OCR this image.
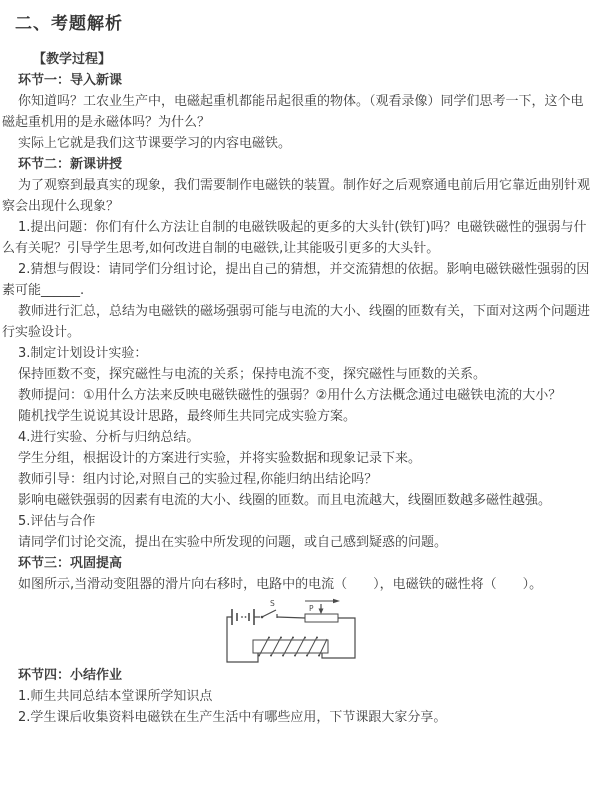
二、考题解析

【教学过程】

环节一：导入新课

你知道吗？工农业生产中，电磁起重机都能吊起很重的物体。（观看录像）同学们思考一下，这个电磁起重机用的是永磁体吗？为什么？

实际上它就是我们这节课要学习的内容电磁铁。

环节二：新课讲授

为了观察到最真实的现象，我们需要制作电磁铁的装置。制作好之后观察通电前后用它靠近曲别针观察会出现什么现象？

1.提出问题：你们有什么方法让自制的电磁铁吸起的更多的大头针(铁钉)吗？电磁铁磁性的强弱与什么有关呢？引导学生思考,如何改进自制的电磁铁,让其能吸引更多的大头针。

2.猜想与假设：请同学们分组讨论，提出自己的猜想，并交流猜想的依据。影响电磁铁磁性强弱的因素可能______.

教师进行汇总，总结为电磁铁的磁场强弱可能与电流的大小、线圈的匝数有关，下面对这两个问题进行实验设计。

3.制定计划设计实验：

保持匝数不变，探究磁性与电流的关系；保持电流不变，探究磁性与匝数的关系。

教师提问：①用什么方法来反映电磁铁磁性的强弱？②用什么方法概念通过电磁铁电流的大小？

随机找学生说说其设计思路，最终师生共同完成实验方案。

4.进行实验、分析与归纳总结。

学生分组，根据设计的方案进行实验，并将实验数据和现象记录下来。

教师引导：组内讨论,对照自己的实验过程,你能归纳出结论吗？

影响电磁铁强弱的因素有电流的大小、线圈的匝数。而且电流越大，线圈匝数越多磁性越强。

5.评估与合作

请同学们讨论交流，提出在实验中所发现的问题，或自己感到疑惑的问题。

环节三：巩固提高

如图所示,当滑动变阻器的滑片向右移时，电路中的电流（　　），电磁铁的磁性将（　　）。

S
P

环节四：小结作业

1.师生共同总结本堂课所学知识点

2.学生课后收集资料电磁铁在生产生活中有哪些应用，下节课跟大家分享。
